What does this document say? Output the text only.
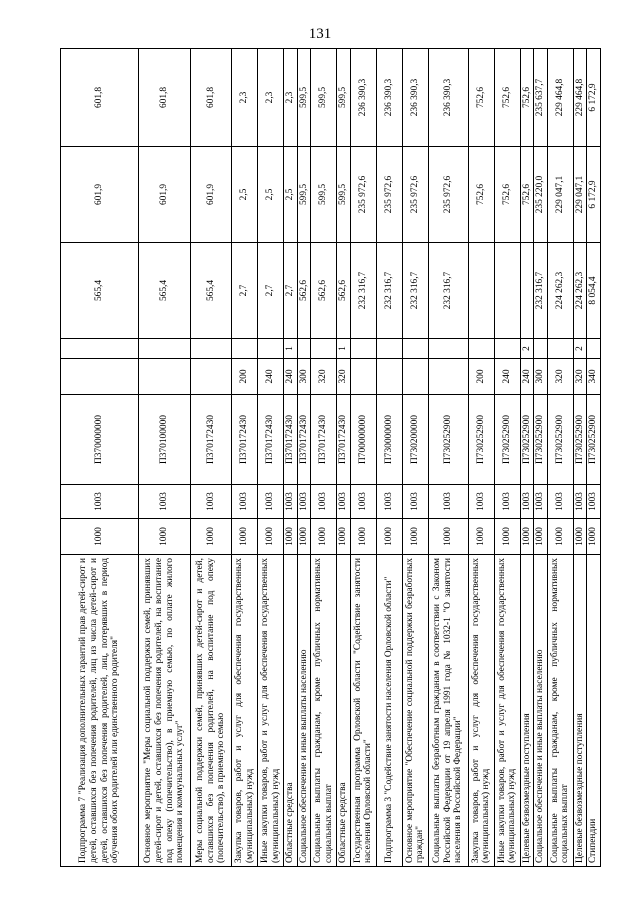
131
Подпрограмма 7 "Реализация дополнительных гарантий прав детей-сирот и детей, оставшихся без попечения родителей, лиц из числа детей-сирот и детей, оставшихся без попечения родителей, лиц, потерявших в период обучения обоих родителей или единственного родителя"	1000	1003	П370000000			565,4	601,9	601,8
Основное мероприятие "Меры социальной поддержки семей, принявших детей-сирот и детей, оставшихся без попечения родителей, на воспитание под опеку (попечительство), в приемную семью, по оплате жилого помещения и коммунальных услуг"	1000	1003	П370100000			565,4	601,9	601,8
Меры социальной поддержки семей, принявших детей-сирот и детей, оставшихся без попечения родителей, на воспитание под опеку (попечительство), в приемную семью	1000	1003	П370172430			565,4	601,9	601,8
Закупка товаров, работ и услуг для обеспечения государственных (муниципальных) нужд	1000	1003	П370172430	200		2,7	2,5	2,3
Иные закупки товаров, работ и услуг для обеспечения государственных (муниципальных) нужд	1000	1003	П370172430	240		2,7	2,5	2,3
Областные средства	1000	1003	П370172430	240	1	2,7	2,5	2,3
Социальное обеспечение и иные выплаты населению	1000	1003	П370172430	300		562,6	599,5	599,5
Социальные выплаты гражданам, кроме публичных нормативных социальных выплат	1000	1003	П370172430	320		562,6	599,5	599,5
Областные средства	1000	1003	П370172430	320	1	562,6	599,5	599,5
Государственная программа Орловской области "Содействие занятости населения Орловской области"	1000	1003	П700000000			232 316,7	235 972,6	236 390,3
Подпрограмма 3 "Содействие занятости населения Орловской области"	1000	1003	П730000000			232 316,7	235 972,6	236 390,3
Основное мероприятие "Обеспечение социальной поддержки безработных граждан"	1000	1003	П730200000			232 316,7	235 972,6	236 390,3
Социальные выплаты безработным гражданам в соответствии с Законом Российской Федерации от 19 апреля 1991 года № 1032-1 "О занятости населения в Российской Федерации"	1000	1003	П730252900			232 316,7	235 972,6	236 390,3
Закупка товаров, работ и услуг для обеспечения государственных (муниципальных) нужд	1000	1003	П730252900	200			752,6	752,6
Иные закупки товаров, работ и услуг для обеспечения государственных (муниципальных) нужд	1000	1003	П730252900	240			752,6	752,6
Целевые безвозмездные поступления	1000	1003	П730252900	240	2		752,6	752,6
Социальное обеспечение и иные выплаты населению	1000	1003	П730252900	300		232 316,7	235 220,0	235 637,7
Социальные выплаты гражданам, кроме публичных нормативных социальных выплат	1000	1003	П730252900	320		224 262,3	229 047,1	229 464,8
Целевые безвозмездные поступления	1000	1003	П730252900	320	2	224 262,3	229 047,1	229 464,8
Стипендии	1000	1003	П730252900	340		8 054,4	6 172,9	6 172,9
